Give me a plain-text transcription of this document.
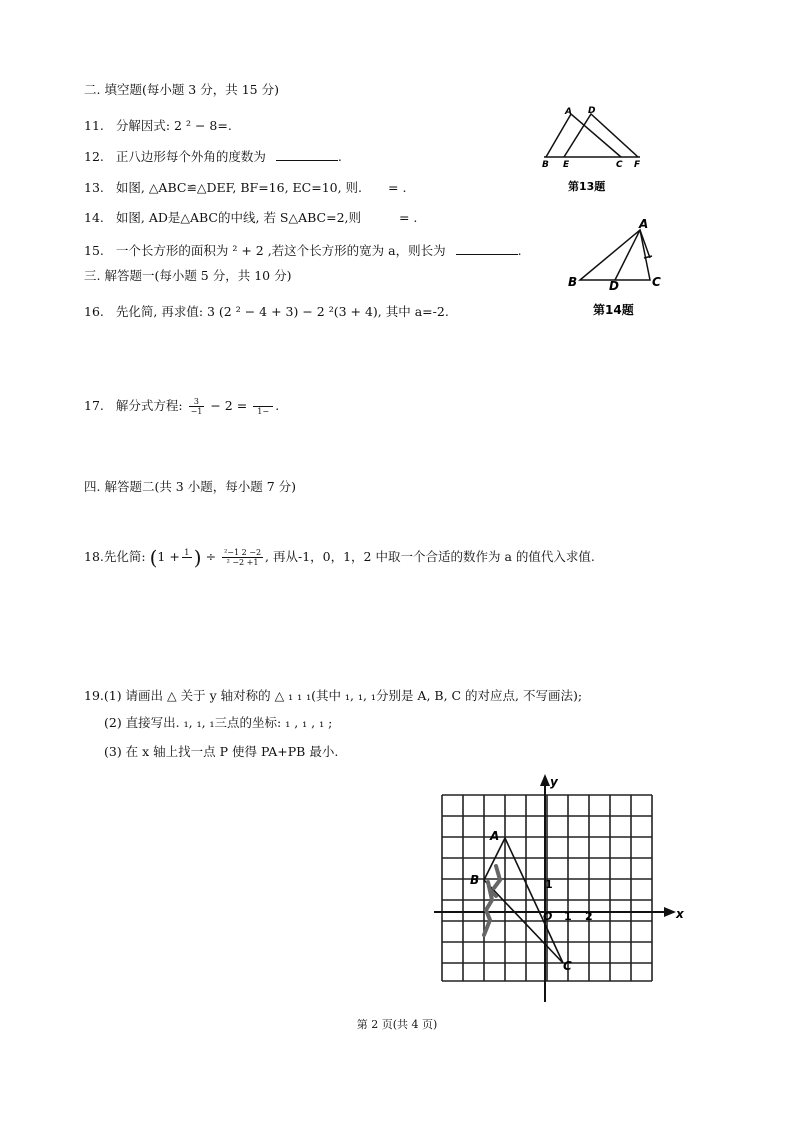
二. 填空题(每小题 3 分，共 15 分)
11. 分解因式: 2 ² − 8=.
12. 正八边形每个外角的度数为	.
13. 如图, △ABC≌△DEF, BF=16, EC=10, 则. = .
14. 如图, AD是△ABC的中线, 若 S△ABC=2,则	= .
15. 一个长方形的面积为 ² + 2 ,若这个长方形的宽为 a，则长为	.
三. 解答题一(每小题 5 分，共 10 分)
16. 先化简, 再求值: 3 (2 ² − 4 + 3) − 2 ²(3 + 4), 其中 a=-2.
17. 解分式方程: $\frac{3}{-1} - 2$ =	1− .
四. 解答题二(共 3 小题，每小题 7 分)
18.先化简: (1 + 1 ) ÷ $\frac{\text{²−1 2 −2}}{\text{² −2 +1}}$ , 再从-1，0，1，2 中取一个合适的数作为 a 的值代入求值.
19.(1) 请画出 △ 关于 y 轴对称的 △ ₁ ₁ ₁(其中 ₁, ₁, ₁分别是 A, B, C 的对应点, 不写画法);
(2) 直接写出. ₁, ₁, ₁三点的坐标: ₁ , ₁ , ₁ ;
(3) 在 x 轴上找一点 P 使得 PA+PB 最小.
A D
B E	C F
第13题
A
B	D	C
第14题
x
y
O 1 2
1
A
B
C
第 2 页(共 4 页)
